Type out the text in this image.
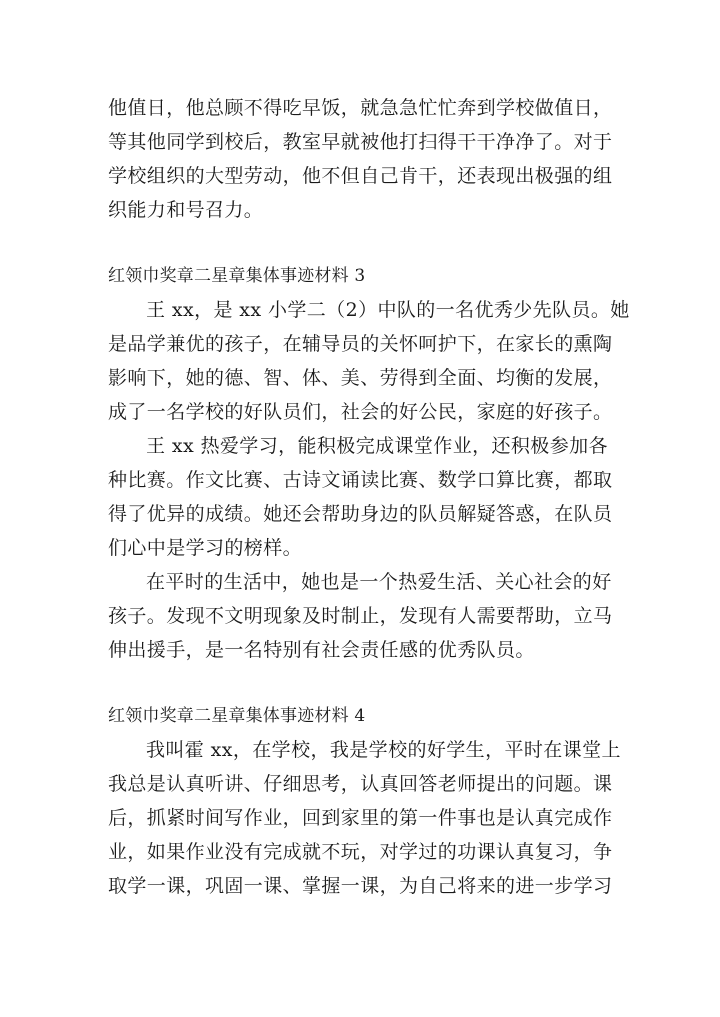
他值日，他总顾不得吃早饭，就急急忙忙奔到学校做值日，
等其他同学到校后，教室早就被他打扫得干干净净了。对于
学校组织的大型劳动，他不但自己肯干，还表现出极强的组
织能力和号召力。
红领巾奖章二星章集体事迹材料 3
王 xx，是 xx 小学二（2）中队的一名优秀少先队员。她
是品学兼优的孩子，在辅导员的关怀呵护下，在家长的熏陶
影响下，她的德、智、体、美、劳得到全面、均衡的发展，
成了一名学校的好队员们，社会的好公民，家庭的好孩子。
王 xx 热爱学习，能积极完成课堂作业，还积极参加各
种比赛。作文比赛、古诗文诵读比赛、数学口算比赛，都取
得了优异的成绩。她还会帮助身边的队员解疑答惑，在队员
们心中是学习的榜样。
在平时的生活中，她也是一个热爱生活、关心社会的好
孩子。发现不文明现象及时制止，发现有人需要帮助，立马
伸出援手，是一名特别有社会责任感的优秀队员。
红领巾奖章二星章集体事迹材料 4
我叫霍 xx，在学校，我是学校的好学生，平时在课堂上
我总是认真听讲、仔细思考，认真回答老师提出的问题。课
后，抓紧时间写作业，回到家里的第一件事也是认真完成作
业，如果作业没有完成就不玩，对学过的功课认真复习，争
取学一课，巩固一课、掌握一课，为自己将来的进一步学习
